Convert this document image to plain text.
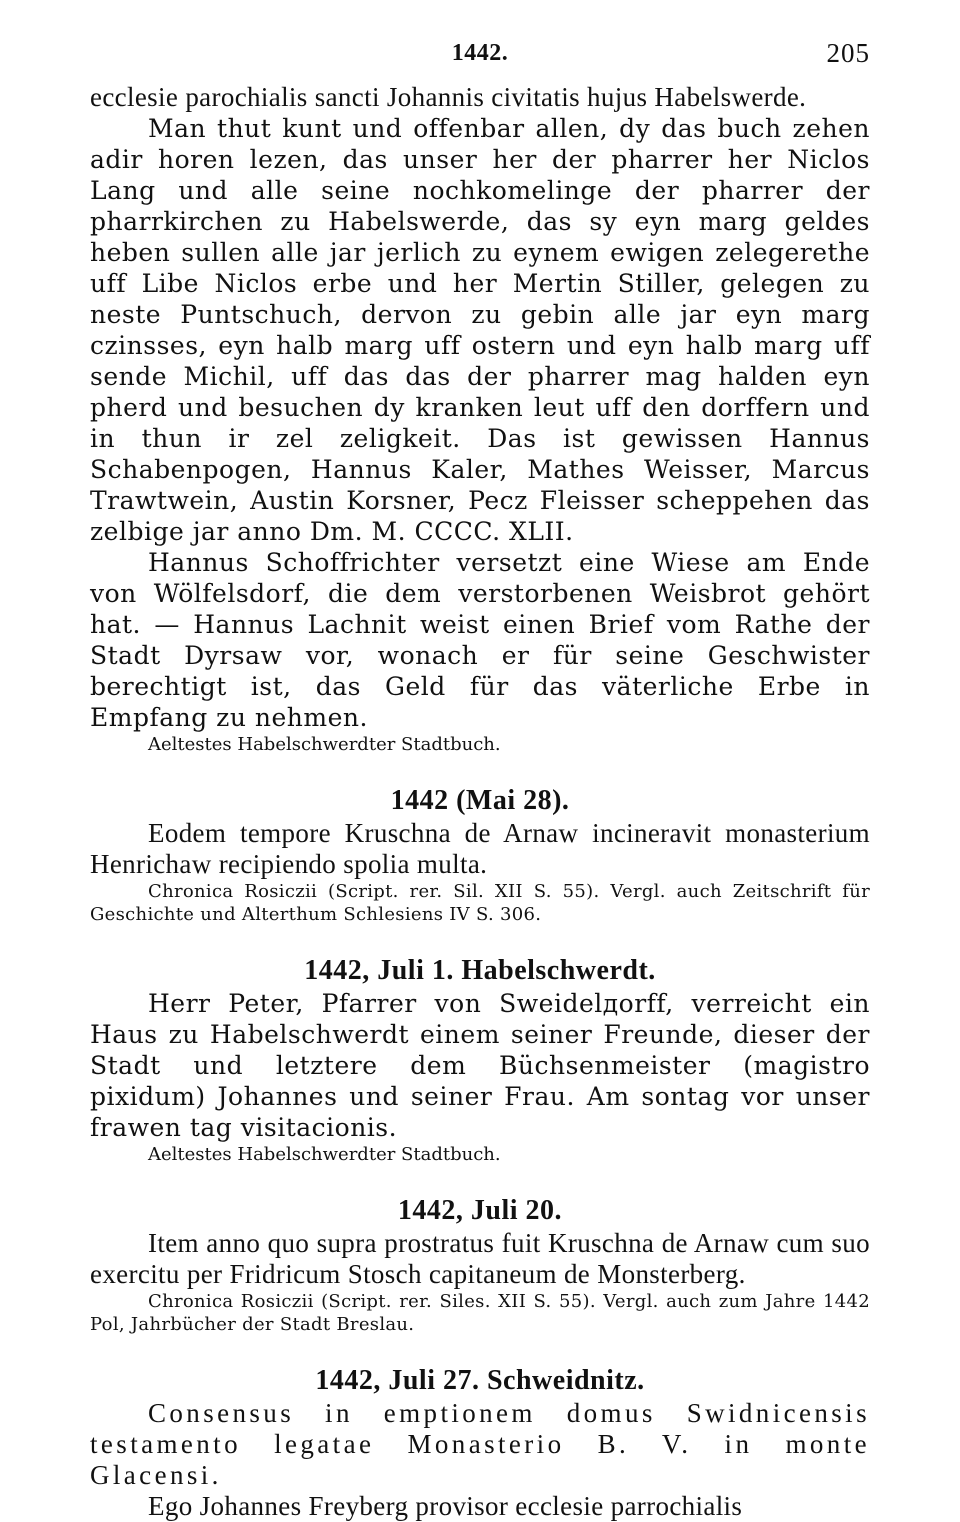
1442.	205

ecclesie parochialis sancti Johannis civitatis hujus Habelswerde.

Man thut kunt und offenbar allen, dy das buch zehen adir horen lezen, das unser her der pharrer her Niclos Lang und alle seine nochkomelinge der pharrer der pharrkirchen zu Habelswerde, das sy eyn marg geldes heben sullen alle jar jerlich zu eynem ewigen zelegerethe uff Libe Niclos erbe und her Mertin Stiller, gelegen zu neste Puntschuch, dervon zu gebin alle jar eyn marg czinsses, eyn halb marg uff ostern und eyn halb marg uff sende Michil, uff das das der pharrer mag halden eyn pherd und besuchen dy kranken leut uff den dorffern und in thun ir zel zeligkeit. Das ist gewissen Hannus Schabenpogen, Hannus Kaler, Mathes Weisser, Marcus Trawtwein, Austin Korsner, Pecz Fleisser scheppehen das zelbige jar anno Dm. M. CCCC. XLII.

Hannus Schoffrichter versetzt eine Wiese am Ende von Wölfelsdorf, die dem verstorbenen Weisbrot gehört hat. — Hannus Lachnit weist einen Brief vom Rathe der Stadt Dyrsaw vor, wonach er für seine Geschwister berechtigt ist, das Geld für das väterliche Erbe in Empfang zu nehmen.

Aeltestes Habelschwerdter Stadtbuch.
1442 (Mai 28).

Eodem tempore Kruschna de Arnaw incineravit monasterium Henrichaw recipiendo spolia multa.

Chronica Rosiczii (Script. rer. Sil. XII S. 55). Vergl. auch Zeitschrift für Geschichte und Alterthum Schlesiens IV S. 306.

1442, Juli 1. Habelschwerdt.

Herr Peter, Pfarrer von Sweidelдorff, verreicht ein Haus zu Habelschwerdt einem seiner Freunde, dieser der Stadt und letztere dem Büchsenmeister (magistro pixidum) Johannes und seiner Frau. Am sontag vor unser frawen tag visitacionis.

Aeltestes Habelschwerdter Stadtbuch.
1442, Juli 20.

Item anno quo supra prostratus fuit Kruschna de Arnaw cum suo exercitu per Fridricum Stosch capitaneum de Monsterberg.

Chronica Rosiczii (Script. rer. Siles. XII S. 55). Vergl. auch zum Jahre 1442 Pol, Jahrbücher der Stadt Breslau.

1442, Juli 27. Schweidnitz.

Consensus in emptionem domus Swidnicensis testamento legatae Monasterio B. V. in monte Glacensi.

Ego Johannes Freyberg provisor ecclesie parrochialis
